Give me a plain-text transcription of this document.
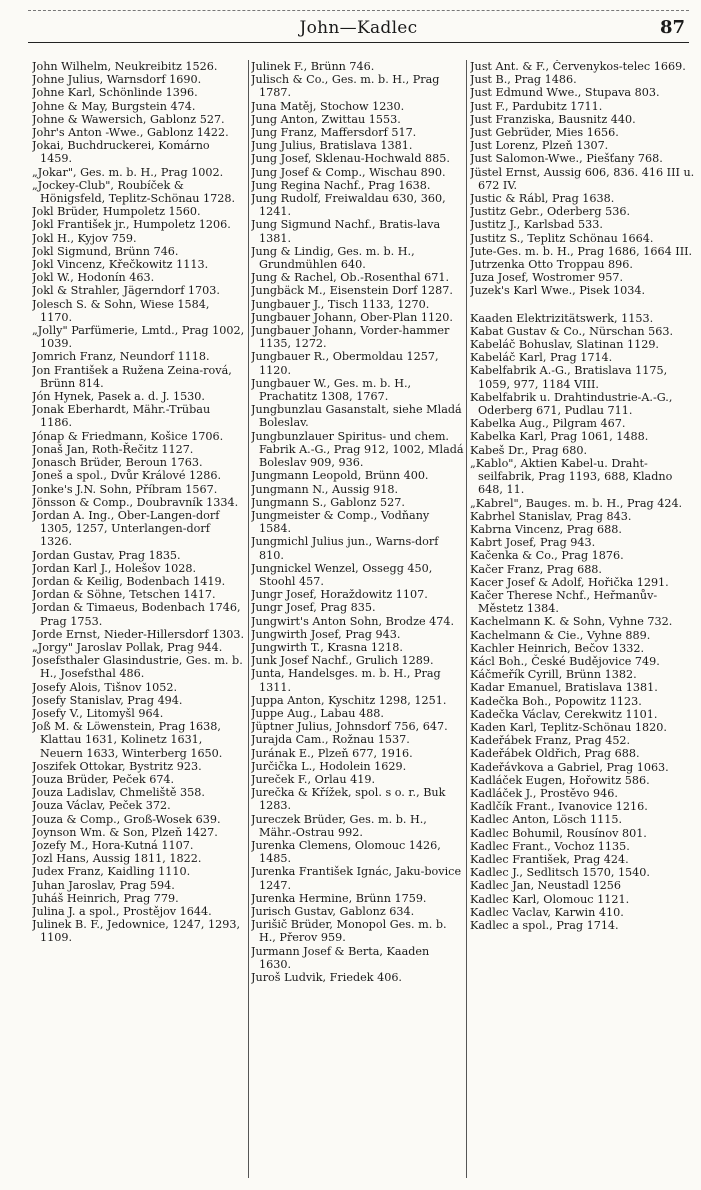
John—Kadlec	87

John Wilhelm, Neukreibitz 1526.

Johne Julius, Warnsdorf 1690.

Johne Karl, Schönlinde 1396.

Johne & May, Burgstein 474.

Johne & Wawersich, Gablonz 527.

Johr's Anton -Wwe., Gablonz 1422.

Jokai, Buchdruckerei, Komárno 1459.

„Jokar", Ges. m. b. H., Prag 1002.

„Jockey-Club", Roubíček & Hönigsfeld, Teplitz-Schönau 1728.

Jokl Brüder, Humpoletz 1560.

Jokl František jr., Humpoletz 1206.

Jokl H., Kyjov 759.

Jokl Sigmund, Brünn 746.

Jokl Vincenz, Křečkowitz 1113.

Jokl W., Hodonín 463.

Jokl & Strahler, Jägerndorf 1703.

Jolesch S. & Sohn, Wiese 1584, 1170.

„Jolly" Parfümerie, Lmtd., Prag 1002, 1039.

Jomrich Franz, Neundorf 1118.

Jon František a Ružena Zeina-rová, Brünn 814.

Jón Hynek, Pasek a. d. J. 1530.

Jonak Eberhardt, Mähr.-Trübau 1186.

Jónap & Friedmann, Košice 1706.

Jonaš Jan, Roth-Řečitz 1127.

Jonasch Brüder, Beroun 1763.

Joneš a spol., Dvůr Králové 1286.

Jonke's J.N. Sohn, Příbram 1567.

Jönsson & Comp., Doubravník 1334.

Jordan A. Ing., Ober-Langen-dorf 1305, 1257, Unterlangen-dorf 1326.

Jordan Gustav, Prag 1835.

Jordan Karl J., Holešov 1028.

Jordan & Keilig, Bodenbach 1419.

Jordan & Söhne, Tetschen 1417.

Jordan & Timaeus, Bodenbach 1746, Prag 1753.

Jorde Ernst, Nieder-Hillersdorf 1303.

„Jorgy" Jaroslav Pollak, Prag 944.

Josefsthaler Glasindustrie, Ges. m. b. H., Josefsthal 486.

Josefy Alois, Tišnov 1052.

Josefy Stanislav, Prag 494.

Josefy V., Litomyšl 964.

Joß M. & Löwenstein, Prag 1638, Klattau 1631, Kolinetz 1631, Neuern 1633, Winterberg 1650.

Joszifek Ottokar, Bystritz 923.

Jouza Brüder, Peček 674.

Jouza Ladislav, Chmeliště 358.

Jouza Václav, Peček 372.

Jouza & Comp., Groß-Wosek 639.

Joynson Wm. & Son, Plzeň 1427.

Jozefy M., Hora-Kutná 1107.

Jozl Hans, Aussig 1811, 1822.

Judex Franz, Kaidling 1110.

Juhan Jaroslav, Prag 594.

Juháš Heinrich, Prag 779.

Julina J. a spol., Prostějov 1644.

Julinek B. F., Jedownice, 1247, 1293, 1109.

Julinek F., Brünn 746.

Julisch & Co., Ges. m. b. H., Prag 1787.

Juna Matěj, Stochow 1230.

Jung Anton, Zwittau 1553.

Jung Franz, Maffersdorf 517.

Jung Julius, Bratislava 1381.

Jung Josef, Sklenau-Hochwald 885.

Jung Josef & Comp., Wischau 890.

Jung Regina Nachf., Prag 1638.

Jung Rudolf, Freiwaldau 630, 360, 1241.

Jung Sigmund Nachf., Bratis-lava 1381.

Jung & Lindig, Ges. m. b. H., Grundmühlen 640.

Jung & Rachel, Ob.-Rosenthal 671.

Jungbäck M., Eisenstein Dorf 1287.

Jungbauer J., Tisch 1133, 1270.

Jungbauer Johann, Ober-Plan 1120.

Jungbauer Johann, Vorder-hammer 1135, 1272.

Jungbauer R., Obermoldau 1257, 1120.

Jungbauer W., Ges. m. b. H., Prachatitz 1308, 1767.

Jungbunzlau Gasanstalt, siehe Mladá Boleslav.

Jungbunzlauer Spiritus- und chem. Fabrik A.-G., Prag 912, 1002, Mladá Boleslav 909, 936.

Jungmann Leopold, Brünn 400.

Jungmann N., Aussig 918.

Jungmann S., Gablonz 527.

Jungmeister & Comp., Vodňany 1584.

Jungmichl Julius jun., Warns-dorf 810.

Jungnickel Wenzel, Ossegg 450, Stoohl 457.

Jungr Josef, Horaždowitz 1107.

Jungr Josef, Prag 835.

Jungwirt's Anton Sohn, Brodze 474.

Jungwirth Josef, Prag 943.

Jungwirth T., Krasna 1218.

Junk Josef Nachf., Grulich 1289.

Junta, Handelsges. m. b. H., Prag 1311.

Juppa Anton, Kyschitz 1298, 1251.

Juppe Aug., Labau 488.

Jüptner Julius, Johnsdorf 756, 647.

Jurajda Cam., Rožnau 1537.

Jurának E., Plzeň 677, 1916.

Jurčička L., Hodolein 1629.

Jureček F., Orlau 419.

Jurečka & Křížek, spol. s o. r., Buk 1283.

Jureczek Brüder, Ges. m. b. H., Mähr.-Ostrau 992.

Jurenka Clemens, Olomouc 1426, 1485.

Jurenka František Ignác, Jaku-bovice 1247.

Jurenka Hermine, Brünn 1759.

Jurisch Gustav, Gablonz 634.

Jurišič Brüder, Monopol Ges. m. b. H., Přerov 959.

Jurmann Josef & Berta, Kaaden 1630.

Juroš Ludvik, Friedek 406.

Just Ant. & F., Červenykos-telec 1669.

Just B., Prag 1486.

Just Edmund Wwe., Stupava 803.

Just F., Pardubitz 1711.

Just Franziska, Bausnitz 440.

Just Gebrüder, Mies 1656.

Just Lorenz, Plzeň 1307.

Just Salomon-Wwe., Piešťany 768.

Jüstel Ernst, Aussig 606, 836. 416 III u. 672 IV.

Justic & Rábl, Prag 1638.

Justitz Gebr., Oderberg 536.

Justitz J., Karlsbad 533.

Justitz S., Teplitz Schönau 1664.

Jute-Ges. m. b. H., Prag 1686, 1664 III.

Jutrzenka Otto Troppau 896.

Juza Josef, Wostromer 957.

Juzek's Karl Wwe., Pisek 1034.

Kaaden Elektrizitätswerk, 1153.

Kabat Gustav & Co., Nürschan 563.

Kabeláč Bohuslav, Slatinan 1129.

Kabeláč Karl, Prag 1714.

Kabelfabrik A.-G., Bratislava 1175, 1059, 977, 1184 VIII.

Kabelfabrik u. Drahtindustrie-A.-G., Oderberg 671, Pudlau 711.

Kabelka Aug., Pilgram 467.

Kabelka Karl, Prag 1061, 1488.

Kabeš Dr., Prag 680.

„Kablo", Aktien Kabel-u. Draht-seilfabrik, Prag 1193, 688, Kladno 648, 11.

„Kabrel", Bauges. m. b. H., Prag 424.

Kabrhel Stanislav, Prag 843.

Kabrna Vincenz, Prag 688.

Kabrt Josef, Prag 943.

Kačenka & Co., Prag 1876.

Kačer Franz, Prag 688.

Kacer Josef & Adolf, Hořička 1291.

Kačer Therese Nchf., Heřmanův-Městetz 1384.

Kachelmann K. & Sohn, Vyhne 732.

Kachelmann & Cie., Vyhne 889.

Kachler Heinrich, Bečov 1332.

Kácl Boh., České Budějovice 749.

Káčmeřík Cyrill, Brünn 1382.

Kadar Emanuel, Bratislava 1381.

Kadečka Boh., Popowitz 1123.

Kadečka Václav, Cerekwitz 1101.

Kaden Karl, Teplitz-Schönau 1820.

Kadeřábek Franz, Prag 452.

Kadeřábek Oldřich, Prag 688.

Kadeřávkova a Gabriel, Prag 1063.

Kadláček Eugen, Hořowitz 586.

Kadláček J., Prostěvo 946.

Kadlčík Frant., Ivanovice 1216.

Kadlec Anton, Lösch 1115.

Kadlec Bohumil, Rousínov 801.

Kadlec Frant., Vochoz 1135.

Kadlec František, Prag 424.

Kadlec J., Sedlitsch 1570, 1540.

Kadlec Jan, Neustadl 1256

Kadlec Karl, Olomouc 1121.

Kadlec Vaclav, Karwin 410.

Kadlec a spol., Prag 1714.
